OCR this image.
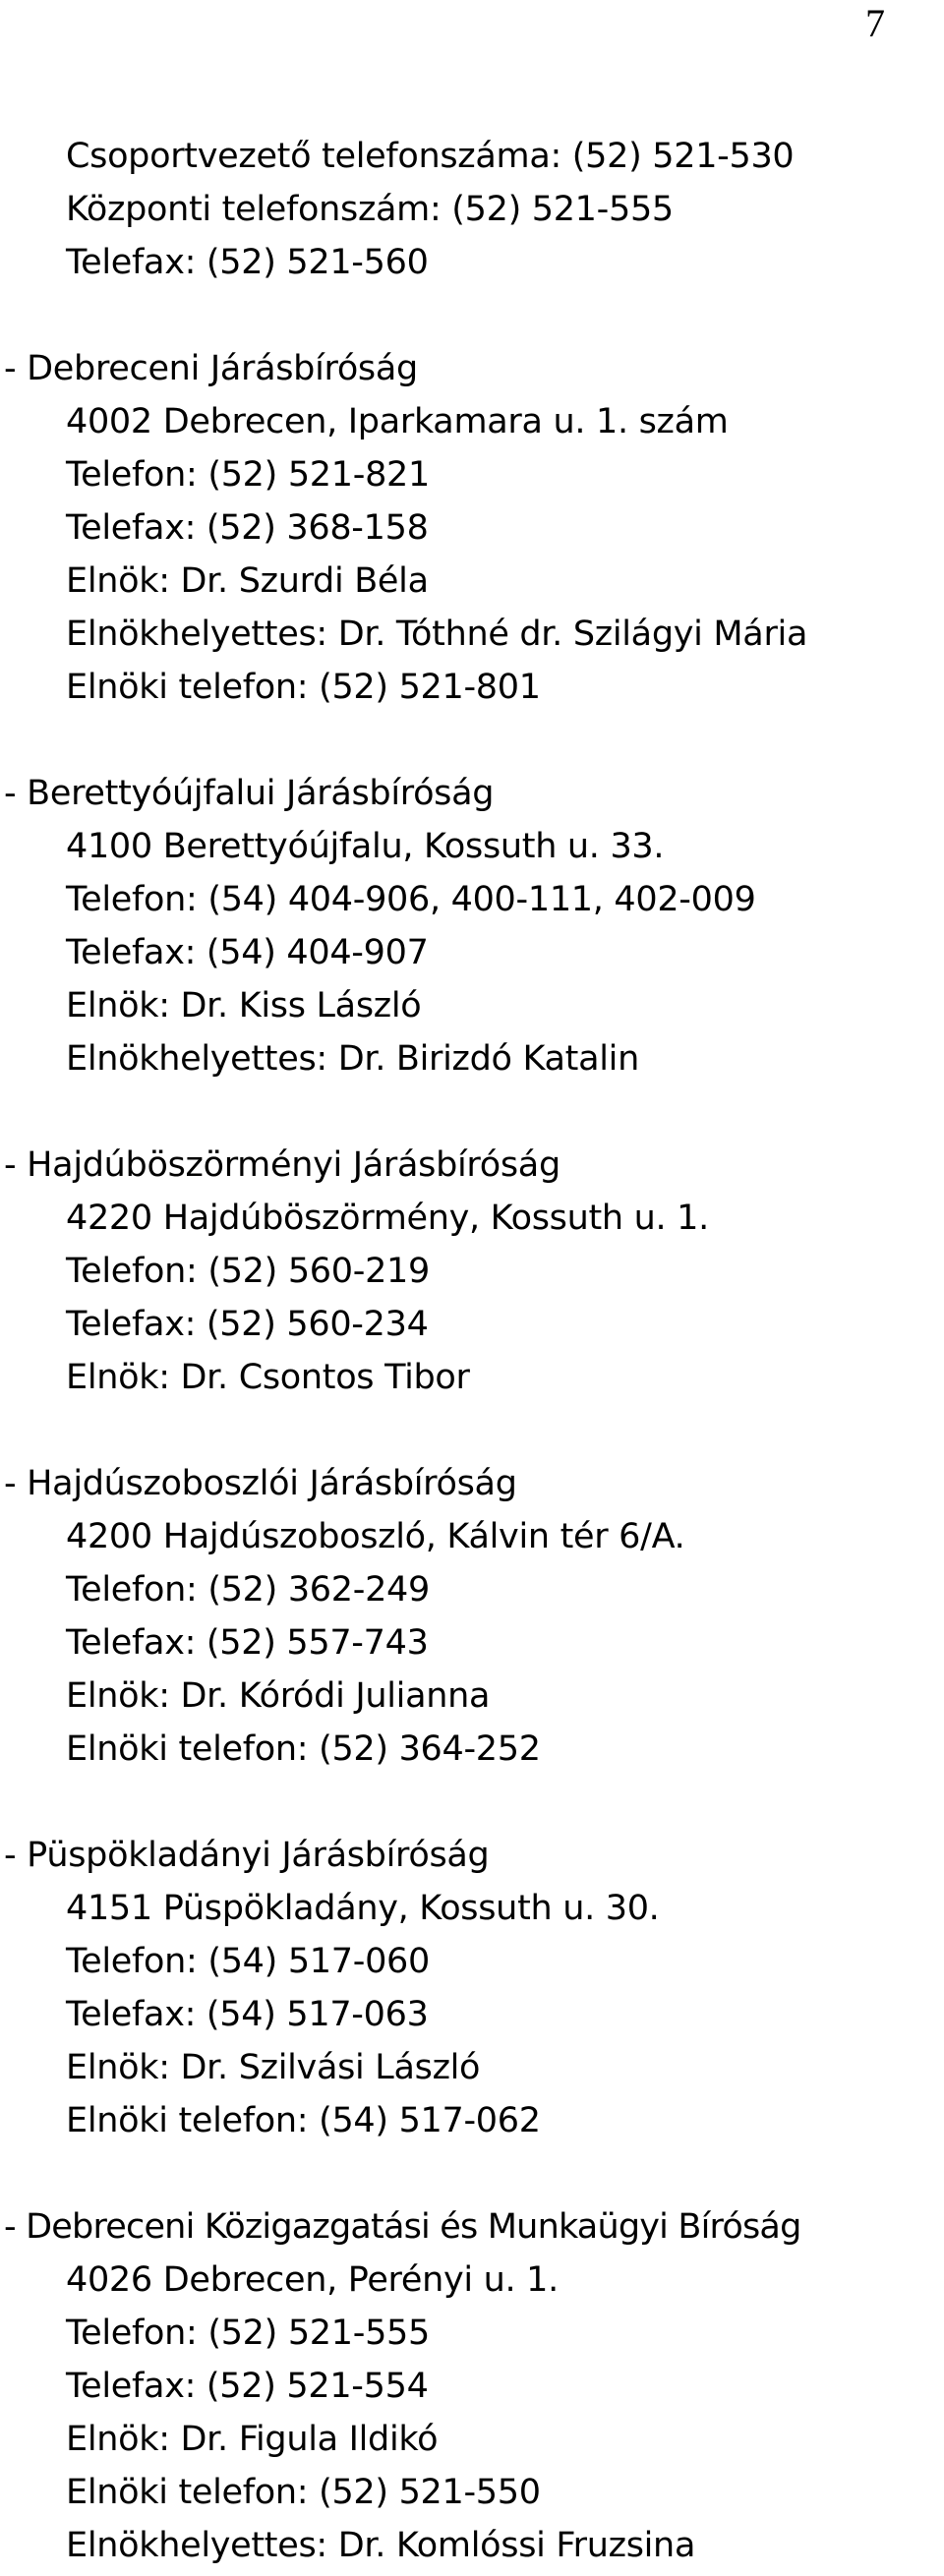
7
Csoportvezető telefonszáma: (52) 521-530
Központi telefonszám: (52) 521-555
Telefax: (52) 521-560
- Debreceni Járásbíróság
4002 Debrecen, Iparkamara u. 1. szám
Telefon: (52) 521-821
Telefax: (52) 368-158
Elnök: Dr. Szurdi Béla
Elnökhelyettes: Dr. Tóthné dr. Szilágyi Mária
Elnöki telefon: (52) 521-801
- Berettyóújfalui Járásbíróság
4100 Berettyóújfalu, Kossuth u. 33.
Telefon: (54) 404-906, 400-111, 402-009
Telefax: (54) 404-907
Elnök: Dr. Kiss László
Elnökhelyettes: Dr. Birizdó Katalin
- Hajdúböszörményi Járásbíróság
4220 Hajdúböszörmény, Kossuth u. 1.
Telefon: (52) 560-219
Telefax: (52) 560-234
Elnök: Dr. Csontos Tibor
- Hajdúszoboszlói Járásbíróság
4200 Hajdúszoboszló, Kálvin tér 6/A.
Telefon: (52) 362-249
Telefax: (52) 557-743
Elnök: Dr. Kóródi Julianna
Elnöki telefon: (52) 364-252
- Püspökladányi Járásbíróság
4151 Püspökladány, Kossuth u. 30.
Telefon: (54) 517-060
Telefax: (54) 517-063
Elnök: Dr. Szilvási László
Elnöki telefon: (54) 517-062
- Debreceni Közigazgatási és Munkaügyi Bíróság
4026 Debrecen, Perényi u. 1.
Telefon: (52) 521-555
Telefax: (52) 521-554
Elnök: Dr. Figula Ildikó
Elnöki telefon: (52) 521-550
Elnökhelyettes: Dr. Komlóssi Fruzsina
